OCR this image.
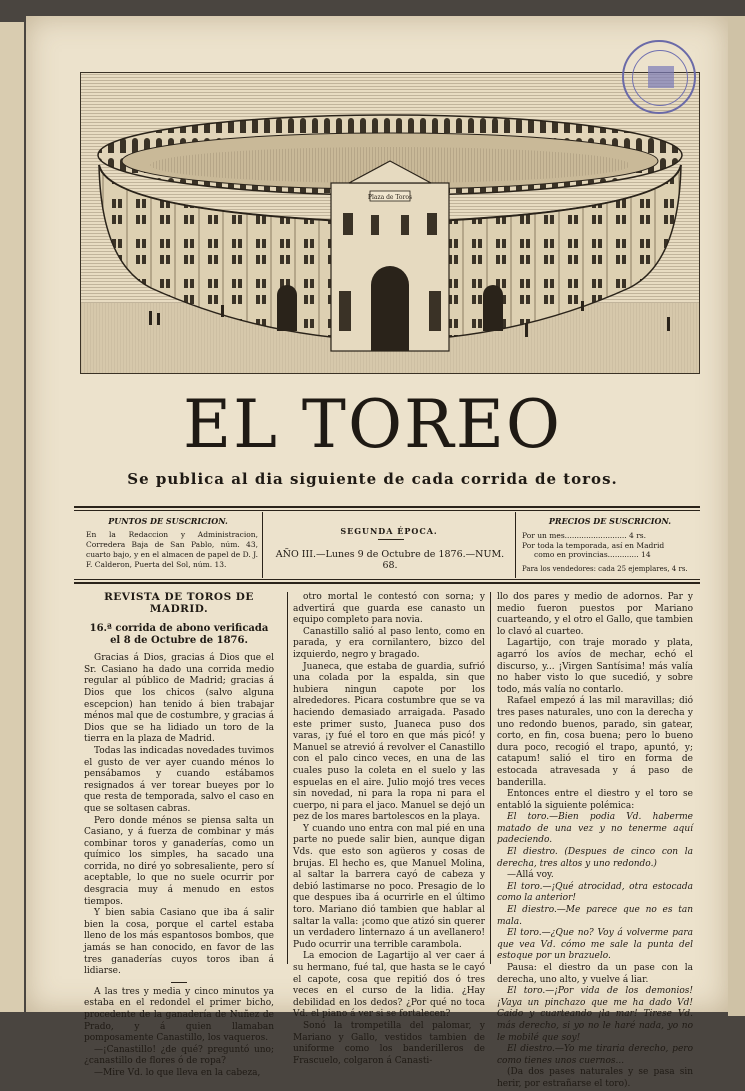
Plaza de Toros
EL TOREO
Se publica al dia siguiente de cada corrida de toros.
PUNTOS DE SUSCRICION.
En la Redaccion y Administracion, Corredera Baja de San Pablo, núm. 43, cuarto bajo, y en el almacen de papel de D. J. F. Calderon, Puerta del Sol, núm. 13.
SEGUNDA ÉPOCA.
AÑO III.—Lunes 9 de Octubre de 1876.—NUM. 68.
PRECIOS DE SUSCRICION.
Por un mes.......................... 4 rs.
Por toda la temporada, así en Madrid
como en provincias............. 14
Para los vendedores: cada 25 ejemplares, 4 rs.
REVISTA DE TOROS DE MADRID.
16.ª corrida de abono verificada el 8 de Octubre de 1876.

Gracias á Dios, gracias á Dios que el Sr. Casiano ha dado una corrida medio regular al público de Madrid; gracias á Dios que los chicos (salvo alguna escepcion) han tenido á bien trabajar ménos mal que de costumbre, y gracias á Dios que se ha lidiado un toro de la tierra en la plaza de Madrid.

Todas las indicadas novedades tuvimos el gusto de ver ayer cuando ménos lo pensábamos y cuando estábamos resignados á ver torear bueyes por lo que resta de temporada, salvo el caso en que se soltasen cabras.

Pero donde ménos se piensa salta un Casiano, y á fuerza de combinar y más combinar toros y ganaderías, como un químico los simples, ha sacado una corrida, no diré yo sobresaliente, pero sí aceptable, lo que no suele ocurrir por desgracia muy á menudo en estos tiempos.

Y bien sabia Casiano que iba á salir bien la cosa, porque el cartel estaba lleno de los más espantosos bombos, que jamás se han conocido, en favor de las tres ganaderías cuyos toros iban á lidiarse.

A las tres y media y cinco minutos ya estaba en el redondel el primer bicho, procedente de la ganadería de Nuñez de Prado, y á quien llamaban pomposamente Canastillo, los vaqueros.

—¡Canastillo! ¿de qué? preguntó uno; ¿canastillo de flores ó de ropa?

—Mire Vd. lo que lleva en la cabeza,

otro mortal le contestó con sorna; y advertirá que guarda ese canasto un equipo completo para novia.

Canastillo salió al paso lento, como en parada, y era cornilantero, bizco del izquierdo, negro y bragado.

Juaneca, que estaba de guardia, sufrió una colada por la espalda, sin que hubiera ningun capote por los alrededores. Picara costumbre que se va haciendo demasiado arraigada. Pasado este primer susto, Juaneca puso dos varas, ¡y fué el toro en que más picó! y Manuel se atrevió á revolver el Canastillo con el palo cinco veces, en una de las cuales puso la coleta en el suelo y las espuelas en el aire. Julio mojó tres veces sin novedad, ni para la ropa ni para el cuerpo, ni para el jaco. Manuel se dejó un pez de los mares bartolescos en la playa.

Y cuando uno entra con mal pié en una parte no puede salir bien, aunque digan Vds. que esto son agüeros y cosas de brujas. El hecho es, que Manuel Molina, al saltar la barrera cayó de cabeza y debió lastimarse no poco. Presagio de lo que despues iba á ocurrirle en el último toro. Mariano dió tambien que hablar al saltar la valla: ¡como que atizó sin querer un verdadero linternazo á un avellanero! Pudo ocurrir una terrible carambola.

La emocion de Lagartijo al ver caer á su hermano, fué tal, que hasta se le cayó el capote, cosa que repitió dos ó tres veces en el curso de la lidia. ¿Hay debilidad en los dedos? ¿Por qué no toca Vd. el piano á ver si se fortalecen?

Sonó la trompetilla del palomar, y Mariano y Gallo, vestidos tambien de uniforme como los banderilleros de Frascuelo, colgaron á Canasti-

llo dos pares y medio de adornos. Par y medio fueron puestos por Mariano cuarteando, y el otro el Gallo, que tambien lo clavó al cuarteo.

Lagartijo, con traje morado y plata, agarró los avíos de mechar, echó el discurso, y... ¡Virgen Santísima! más valía no haber visto lo que sucedió, y sobre todo, más valía no contarlo.

Rafael empezó á las mil maravillas; dió tres pases naturales, uno con la derecha y uno redondo buenos, parado, sin gatear, corto, en fin, cosa buena; pero lo bueno dura poco, recogió el trapo, apuntó, y; catapum! salió el tiro en forma de estocada atravesada y á paso de banderilla.

Entonces entre el diestro y el toro se entabló la siguiente polémica:

El toro.—Bien podia Vd. haberme matado de una vez y no tenerme aquí padeciendo.

El diestro. (Despues de cinco con la derecha, tres altos y uno redondo.)

—Allá voy.

El toro.—¡Qué atrocidad, otra estocada como la anterior!

El diestro.—Me parece que no es tan mala.

El toro.—¿Que no? Voy á volverme para que vea Vd. cómo me sale la punta del estoque por un brazuelo.

Pausa: el diestro da un pase con la derecha, uno alto, y vuelve á liar.

El toro.—¡Por vida de los demonios! ¡Vaya un pinchazo que me ha dado Vd! Caido y cuarteando ¡la mar! Tirese Vd. más derecho, si yo no le haré nada, yo no le mobilé que soy!

El diestro.—Yo me tiraria derecho, pero como tienes unos cuernos...

(Da dos pases naturales y se pasa sin herir, por estrañarse el toro).
